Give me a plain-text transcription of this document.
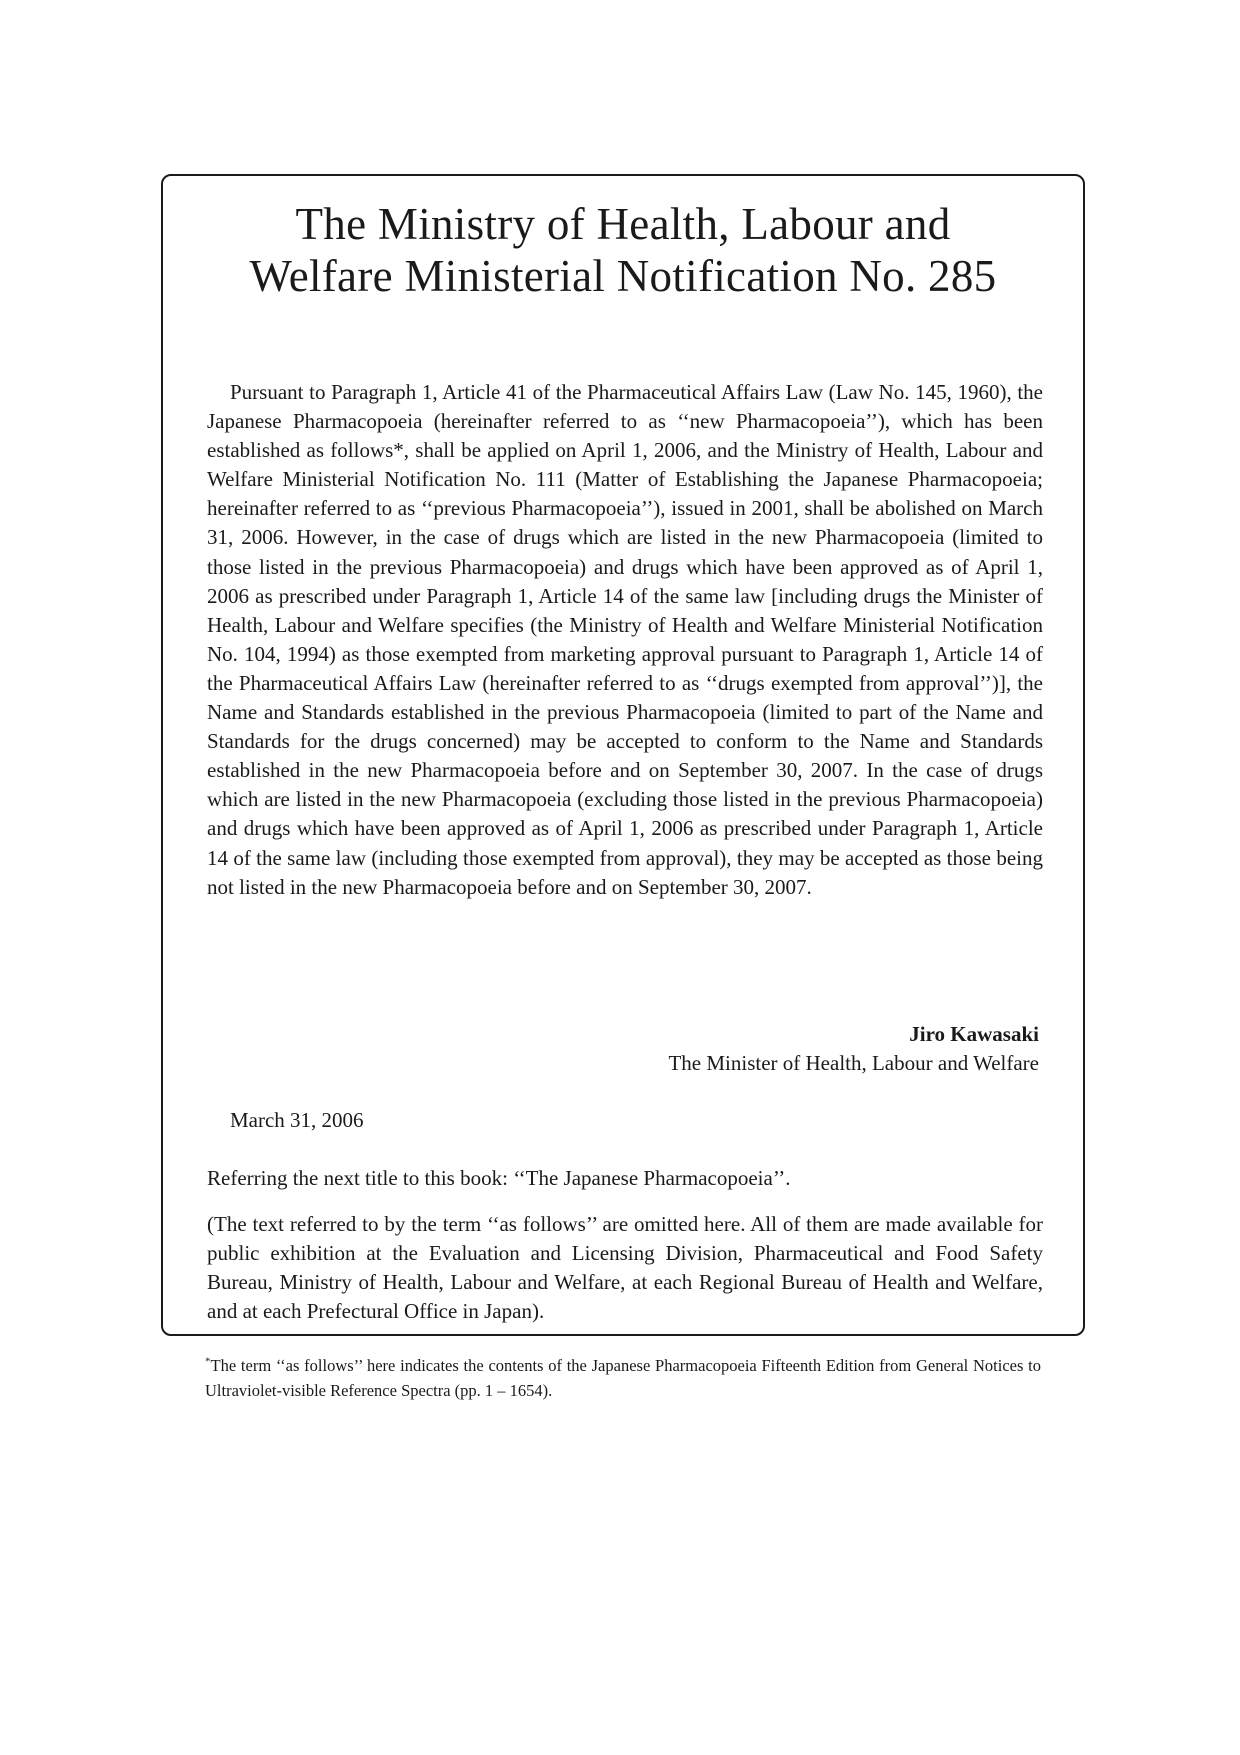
The Ministry of Health, Labour and
Welfare Ministerial Notification No. 285

Pursuant to Paragraph 1, Article 41 of the Pharmaceutical Affairs Law (Law No. 145, 1960), the Japanese Pharmacopoeia (hereinafter referred to as ‘‘new Pharmacopoeia’’), which has been established as follows*, shall be applied on April 1, 2006, and the Ministry of Health, Labour and Welfare Ministerial Notification No. 111 (Matter of Establishing the Japanese Pharmacopoeia; hereinafter referred to as ‘‘previous Pharmacopoeia’’), issued in 2001, shall be abolished on March 31, 2006. However, in the case of drugs which are listed in the new Pharmacopoeia (limited to those listed in the previous Pharmacopoeia) and drugs which have been approved as of April 1, 2006 as prescribed under Paragraph 1, Article 14 of the same law [including drugs the Minister of Health, Labour and Welfare specifies (the Ministry of Health and Welfare Ministerial Notification No. 104, 1994) as those exempted from marketing approval pursuant to Paragraph 1, Article 14 of the Pharmaceutical Affairs Law (hereinafter referred to as ‘‘drugs exempted from approval’’)], the Name and Standards established in the previous Pharmacopoeia (limited to part of the Name and Standards for the drugs concerned) may be accepted to conform to the Name and Standards established in the new Pharmacopoeia before and on September 30, 2007. In the case of drugs which are listed in the new Pharmacopoeia (excluding those listed in the previous Pharmacopoeia) and drugs which have been approved as of April 1, 2006 as prescribed under Paragraph 1, Article 14 of the same law (including those exempted from approval), they may be accepted as those being not listed in the new Pharmacopoeia before and on September 30, 2007.

Jiro Kawasaki

The Minister of Health, Labour and Welfare

March 31, 2006

Referring the next title to this book: ‘‘The Japanese Pharmacopoeia’’.

(The text referred to by the term ‘‘as follows’’ are omitted here. All of them are made available for public exhibition at the Evaluation and Licensing Division, Pharmaceutical and Food Safety Bureau, Ministry of Health, Labour and Welfare, at each Regional Bureau of Health and Welfare, and at each Prefectural Office in Japan).

*The term ‘‘as follows’’ here indicates the contents of the Japanese Pharmacopoeia Fifteenth Edition from General Notices to Ultraviolet-visible Reference Spectra (pp. 1 – 1654).
